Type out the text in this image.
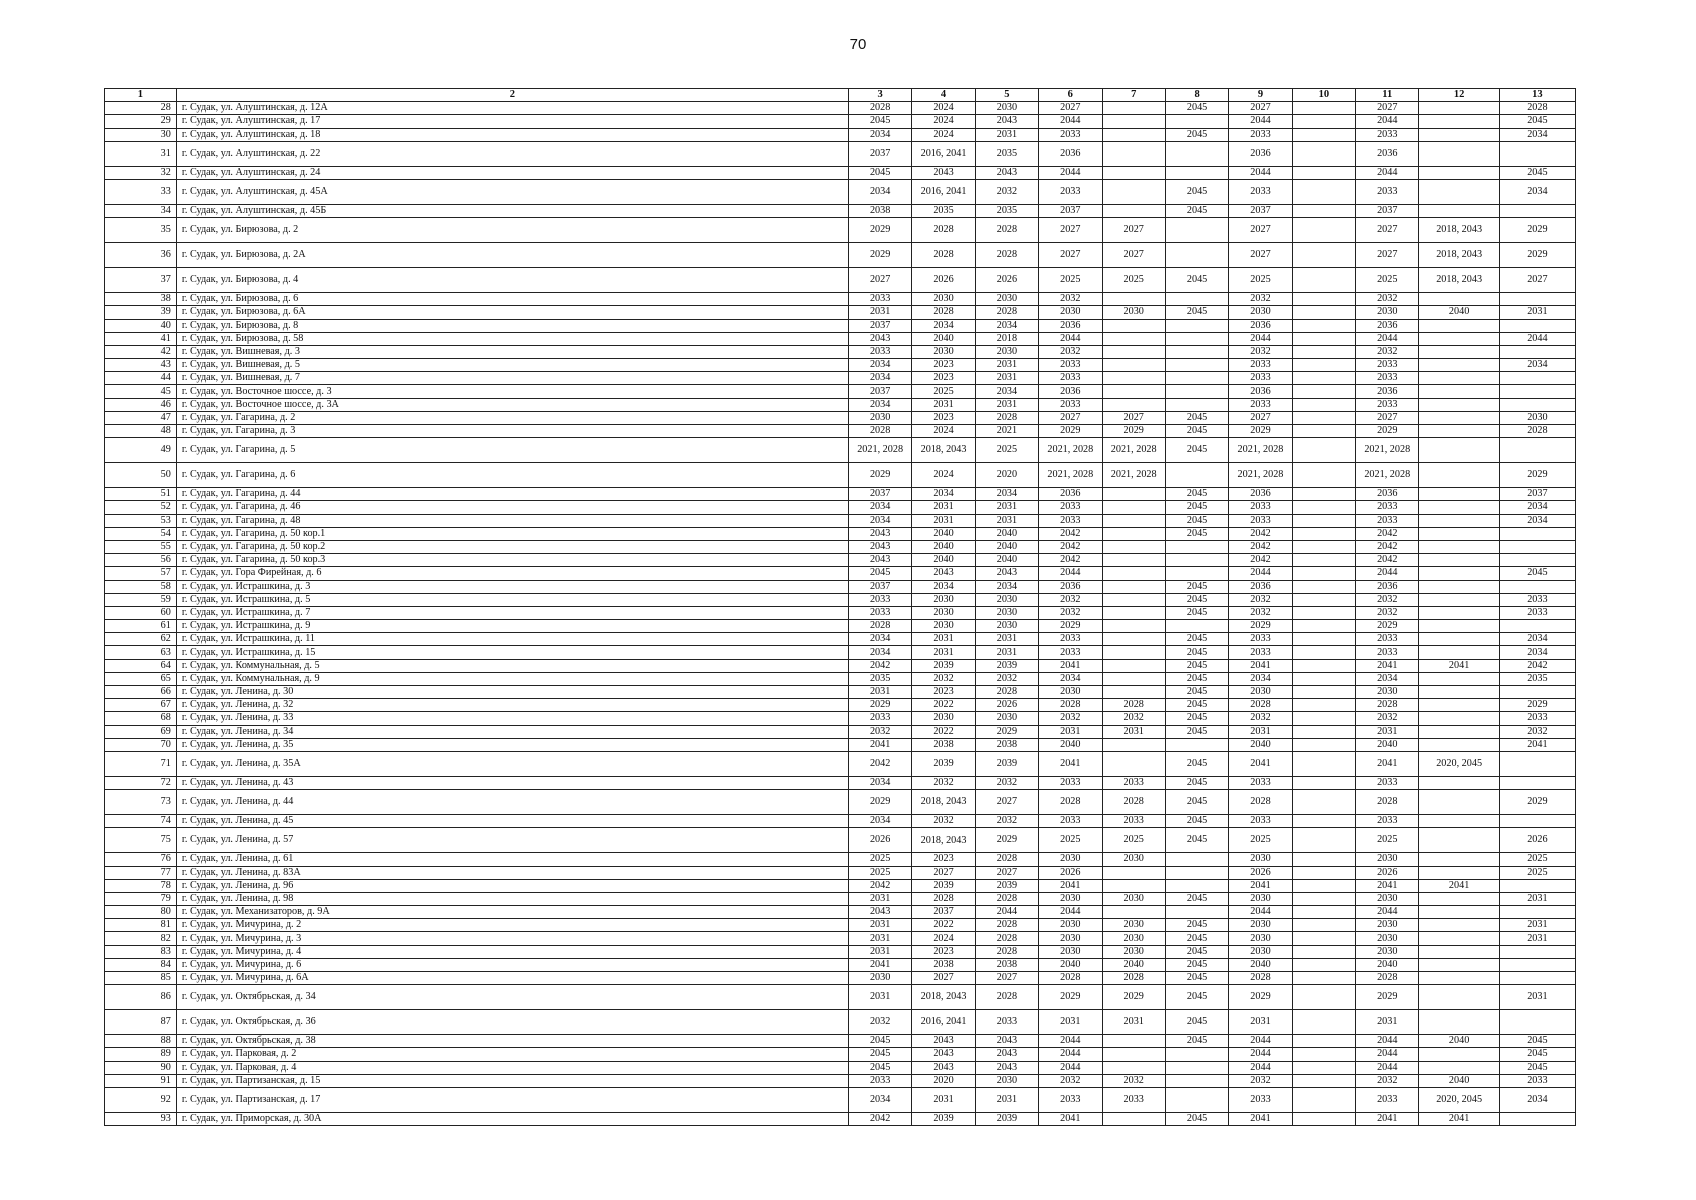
70
1	2	3	4	5	6	7	8	9	10	11	12	13
28	г. Судак, ул. Алуштинская, д. 12А	2028	2024	2030	2027		2045	2027		2027		2028
29	г. Судак, ул. Алуштинская, д. 17	2045	2024	2043	2044			2044		2044		2045
30	г. Судак, ул. Алуштинская, д. 18	2034	2024	2031	2033		2045	2033		2033		2034
31	г. Судак, ул. Алуштинская, д. 22	2037	2016, 2041	2035	2036			2036		2036		
32	г. Судак, ул. Алуштинская, д. 24	2045	2043	2043	2044			2044		2044		2045
33	г. Судак, ул. Алуштинская, д. 45А	2034	2016, 2041	2032	2033		2045	2033		2033		2034
34	г. Судак, ул. Алуштинская, д. 45Б	2038	2035	2035	2037		2045	2037		2037		
35	г. Судак, ул. Бирюзова, д. 2	2029	2028	2028	2027	2027		2027		2027	2018, 2043	2029
36	г. Судак, ул. Бирюзова, д. 2А	2029	2028	2028	2027	2027		2027		2027	2018, 2043	2029
37	г. Судак, ул. Бирюзова, д. 4	2027	2026	2026	2025	2025	2045	2025		2025	2018, 2043	2027
38	г. Судак, ул. Бирюзова, д. 6	2033	2030	2030	2032			2032		2032		
39	г. Судак, ул. Бирюзова, д. 6А	2031	2028	2028	2030	2030	2045	2030		2030	2040	2031
40	г. Судак, ул. Бирюзова, д. 8	2037	2034	2034	2036			2036		2036		
41	г. Судак, ул. Бирюзова, д. 58	2043	2040	2018	2044			2044		2044		2044
42	г. Судак, ул. Вишневая, д. 3	2033	2030	2030	2032			2032		2032		
43	г. Судак, ул. Вишневая, д. 5	2034	2023	2031	2033			2033		2033		2034
44	г. Судак, ул. Вишневая, д. 7	2034	2023	2031	2033			2033		2033		
45	г. Судак, ул. Восточное шоссе, д. 3	2037	2025	2034	2036			2036		2036		
46	г. Судак, ул. Восточное шоссе, д. 3А	2034	2031	2031	2033			2033		2033		
47	г. Судак, ул. Гагарина, д. 2	2030	2023	2028	2027	2027	2045	2027		2027		2030
48	г. Судак, ул. Гагарина, д. 3	2028	2024	2021	2029	2029	2045	2029		2029		2028
49	г. Судак, ул. Гагарина, д. 5	2021, 2028	2018, 2043	2025	2021, 2028	2021, 2028	2045	2021, 2028		2021, 2028		
50	г. Судак, ул. Гагарина, д. 6	2029	2024	2020	2021, 2028	2021, 2028		2021, 2028		2021, 2028		2029
51	г. Судак, ул. Гагарина, д. 44	2037	2034	2034	2036		2045	2036		2036		2037
52	г. Судак, ул. Гагарина, д. 46	2034	2031	2031	2033		2045	2033		2033		2034
53	г. Судак, ул. Гагарина, д. 48	2034	2031	2031	2033		2045	2033		2033		2034
54	г. Судак, ул. Гагарина, д. 50 кор.1	2043	2040	2040	2042		2045	2042		2042		
55	г. Судак, ул. Гагарина, д. 50 кор.2	2043	2040	2040	2042			2042		2042		
56	г. Судак, ул. Гагарина, д. 50 кор.3	2043	2040	2040	2042			2042		2042		
57	г. Судак, ул. Гора Фирейная, д. 6	2045	2043	2043	2044			2044		2044		2045
58	г. Судак, ул. Истрашкина, д. 3	2037	2034	2034	2036		2045	2036		2036		
59	г. Судак, ул. Истрашкина, д. 5	2033	2030	2030	2032		2045	2032		2032		2033
60	г. Судак, ул. Истрашкина, д. 7	2033	2030	2030	2032		2045	2032		2032		2033
61	г. Судак, ул. Истрашкина, д. 9	2028	2030	2030	2029			2029		2029		
62	г. Судак, ул. Истрашкина, д. 11	2034	2031	2031	2033		2045	2033		2033		2034
63	г. Судак, ул. Истрашкина, д. 15	2034	2031	2031	2033		2045	2033		2033		2034
64	г. Судак, ул. Коммунальная, д. 5	2042	2039	2039	2041		2045	2041		2041	2041	2042
65	г. Судак, ул. Коммунальная, д. 9	2035	2032	2032	2034		2045	2034		2034		2035
66	г. Судак, ул. Ленина, д. 30	2031	2023	2028	2030		2045	2030		2030		
67	г. Судак, ул. Ленина, д. 32	2029	2022	2026	2028	2028	2045	2028		2028		2029
68	г. Судак, ул. Ленина, д. 33	2033	2030	2030	2032	2032	2045	2032		2032		2033
69	г. Судак, ул. Ленина, д. 34	2032	2022	2029	2031	2031	2045	2031		2031		2032
70	г. Судак, ул. Ленина, д. 35	2041	2038	2038	2040			2040		2040		2041
71	г. Судак, ул. Ленина, д. 35А	2042	2039	2039	2041		2045	2041		2041	2020, 2045	
72	г. Судак, ул. Ленина, д. 43	2034	2032	2032	2033	2033	2045	2033		2033		
73	г. Судак, ул. Ленина, д. 44	2029	2018, 2043	2027	2028	2028	2045	2028		2028		2029
74	г. Судак, ул. Ленина, д. 45	2034	2032	2032	2033	2033	2045	2033		2033		
75	г. Судак, ул. Ленина, д. 57	2026	2018, 2043	2029	2025	2025	2045	2025		2025		2026
76	г. Судак, ул. Ленина, д. 61	2025	2023	2028	2030	2030		2030		2030		2025
77	г. Судак, ул. Ленина, д. 83А	2025	2027	2027	2026			2026		2026		2025
78	г. Судак, ул. Ленина, д. 96	2042	2039	2039	2041			2041		2041	2041	
79	г. Судак, ул. Ленина, д. 98	2031	2028	2028	2030	2030	2045	2030		2030		2031
80	г. Судак, ул. Механизаторов, д. 9А	2043	2037	2044	2044			2044		2044		
81	г. Судак, ул. Мичурина, д. 2	2031	2022	2028	2030	2030	2045	2030		2030		2031
82	г. Судак, ул. Мичурина, д. 3	2031	2024	2028	2030	2030	2045	2030		2030		2031
83	г. Судак, ул. Мичурина, д. 4	2031	2023	2028	2030	2030	2045	2030		2030		
84	г. Судак, ул. Мичурина, д. 6	2041	2038	2038	2040	2040	2045	2040		2040		
85	г. Судак, ул. Мичурина, д. 6А	2030	2027	2027	2028	2028	2045	2028		2028		
86	г. Судак, ул. Октябрьская, д. 34	2031	2018, 2043	2028	2029	2029	2045	2029		2029		2031
87	г. Судак, ул. Октябрьская, д. 36	2032	2016, 2041	2033	2031	2031	2045	2031		2031		
88	г. Судак, ул. Октябрьская, д. 38	2045	2043	2043	2044		2045	2044		2044	2040	2045
89	г. Судак, ул. Парковая, д. 2	2045	2043	2043	2044			2044		2044		2045
90	г. Судак, ул. Парковая, д. 4	2045	2043	2043	2044			2044		2044		2045
91	г. Судак, ул. Партизанская, д. 15	2033	2020	2030	2032	2032		2032		2032	2040	2033
92	г. Судак, ул. Партизанская, д. 17	2034	2031	2031	2033	2033		2033		2033	2020, 2045	2034
93	г. Судак, ул. Приморская, д. 30А	2042	2039	2039	2041		2045	2041		2041	2041	
